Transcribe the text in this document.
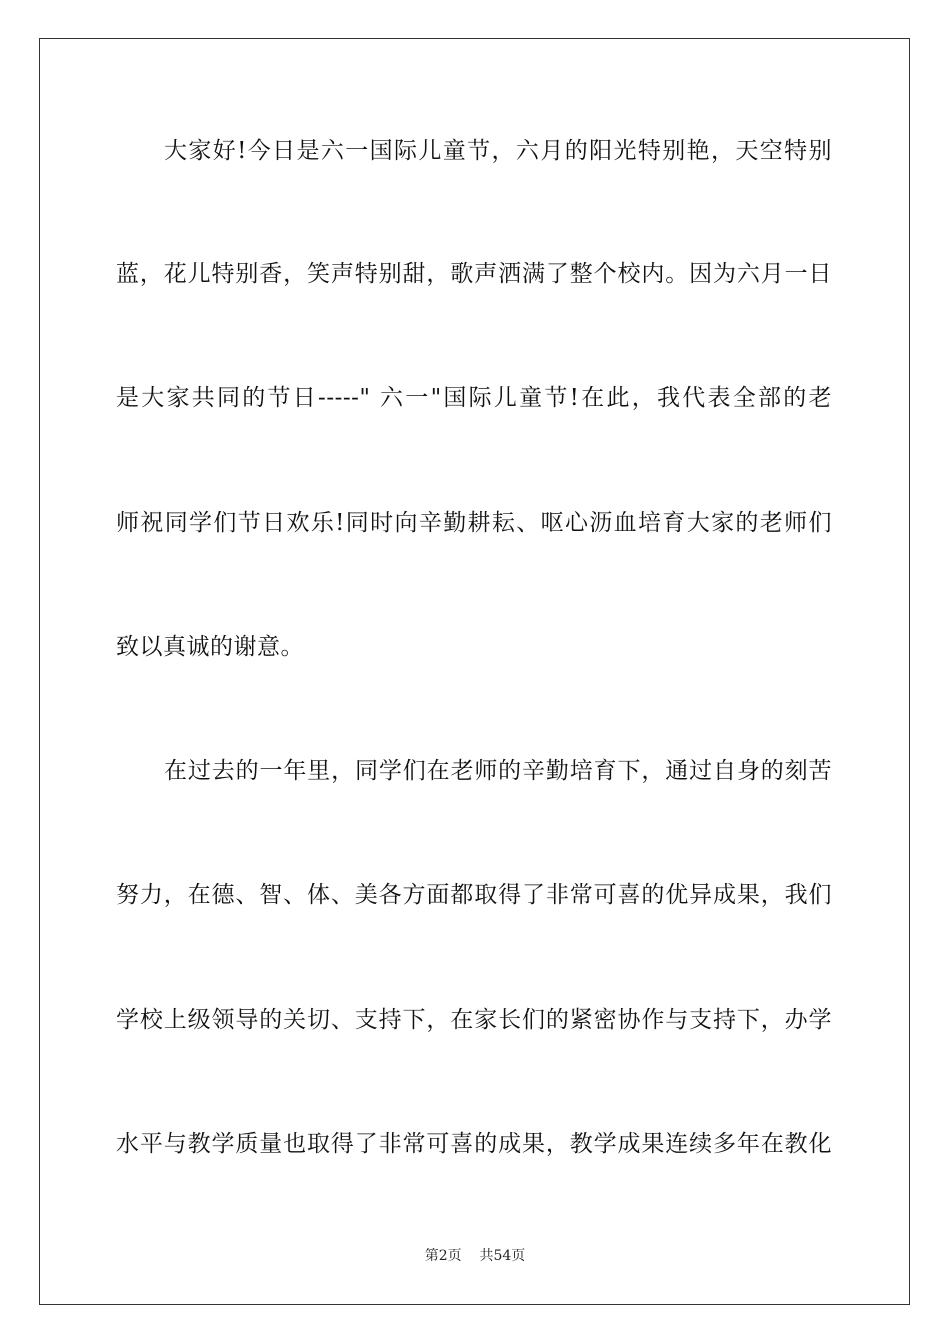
大家好!今日是六一国际儿童节，六月的阳光特别艳，天空特别
蓝，花儿特别香，笑声特别甜，歌声洒满了整个校内。因为六月一日
是大家共同的节日-----" 六一"国际儿童节!在此，我代表全部的老
师祝同学们节日欢乐!同时向辛勤耕耘、呕心沥血培育大家的老师们
致以真诚的谢意。
在过去的一年里，同学们在老师的辛勤培育下，通过自身的刻苦
努力，在德、智、体、美各方面都取得了非常可喜的优异成果，我们
学校上级领导的关切、支持下，在家长们的紧密协作与支持下，办学
水平与教学质量也取得了非常可喜的成果，教学成果连续多年在教化
第2页 共54页
